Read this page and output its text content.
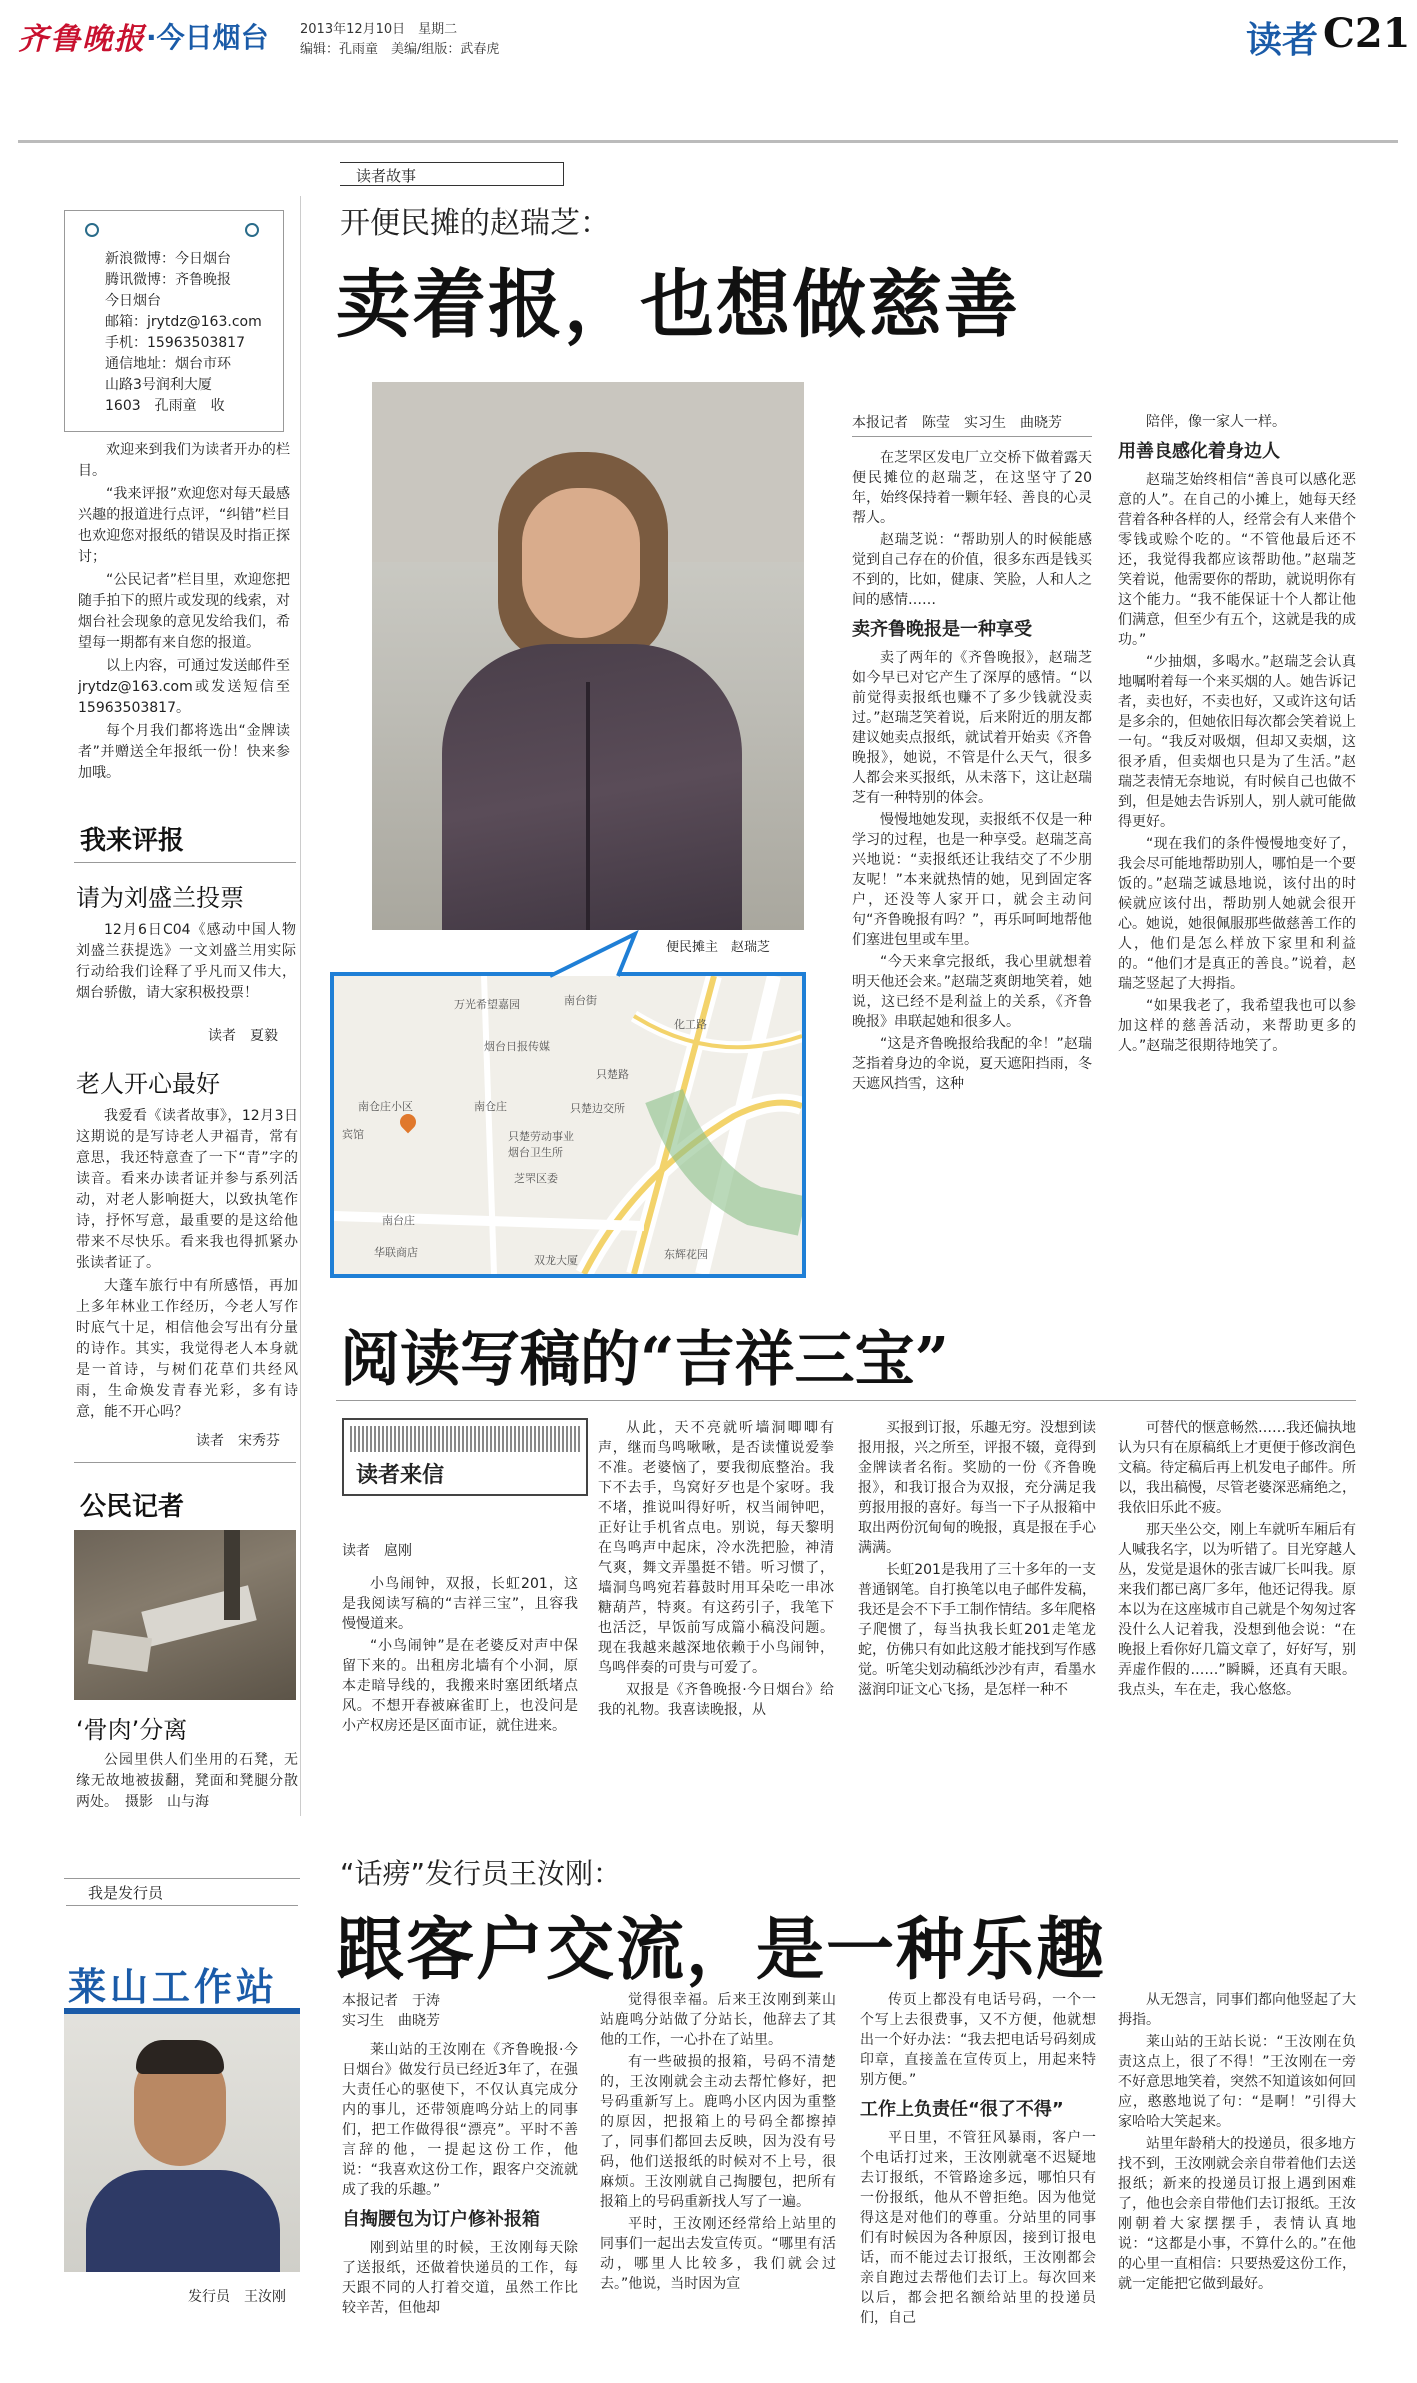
齐鲁晚报 ·今日烟台 2013年12月10日　星期二
编辑：孔雨童　美编/组版：武春虎	读者 C21
新浪微博：今日烟台
腾讯微博：齐鲁晚报
今日烟台
邮箱：jrytdz@163.com
手机：15963503817
通信地址：烟台市环
山路3号润利大厦
1603　孔雨童　收

欢迎来到我们为读者开办的栏目。

“我来评报”欢迎您对每天最感兴趣的报道进行点评，“纠错”栏目也欢迎您对报纸的错误及时指正探讨；

“公民记者”栏目里，欢迎您把随手拍下的照片或发现的线索，对烟台社会现象的意见发给我们，希望每一期都有来自您的报道。

以上内容，可通过发送邮件至jrytdz@163.com或发送短信至15963503817。

每个月我们都将选出“金牌读者”并赠送全年报纸一份！快来参加哦。

我来评报
请为刘盛兰投票

12月6日C04《感动中国人物刘盛兰获提选》一文刘盛兰用实际行动给我们诠释了乎凡而又伟大，烟台骄傲，请大家积极投票！

读者　夏毅
老人开心最好

我爱看《读者故事》，12月3日这期说的是写诗老人尹福青，常有意思，我还特意查了一下“青”字的读音。看来办读者证并参与系列活动，对老人影响挺大，以致执笔作诗，抒怀写意，最重要的是这给他带来不尽快乐。看来我也得抓紧办张读者证了。

大蓬车旅行中有所感悟，再加上多年林业工作经历，今老人写作时底气十足，相信他会写出有分量的诗作。其实，我觉得老人本身就是一首诗，与树们花草们共经风雨，生命焕发青春光彩，多有诗意，能不开心吗？

读者　宋秀芬
公民记者
‘骨肉’分离

公园里供人们坐用的石凳，无缘无故地被拔翻，凳面和凳腿分散两处。　 摄影　山与海

读者故事
开便民摊的赵瑞芝：
卖着报，也想做慈善
便民摊主　赵瑞芝
万光希望嘉园
烟台日报传媒
南台街
南仓庄小区	南仓庄	只楚边交所
只楚路
南台庄
芝罘区委
只楚劳动事业
烟台卫生所
东辉花园
双龙大厦
华联商店
宾馆
化工路
本报记者　陈莹　实习生　曲晓芳

在芝罘区发电厂立交桥下做着露天便民摊位的赵瑞芝，在这坚守了20年，始终保持着一颗年轻、善良的心灵帮人。

赵瑞芝说：“帮助别人的时候能感觉到自己存在的价值，很多东西是钱买不到的，比如，健康、笑脸，人和人之间的感情……

卖齐鲁晚报是一种享受

卖了两年的《齐鲁晚报》，赵瑞芝如今早已对它产生了深厚的感情。“以前觉得卖报纸也赚不了多少钱就没卖过。”赵瑞芝笑着说，后来附近的朋友都建议她卖点报纸，就试着开始卖《齐鲁晚报》，她说，不管是什么天气，很多人都会来买报纸，从未落下，这让赵瑞芝有一种特别的体会。

慢慢地她发现，卖报纸不仅是一种学习的过程，也是一种享受。赵瑞芝高兴地说：“卖报纸还让我结交了不少朋友呢！”本来就热情的她，见到固定客户，还没等人家开口，就会主动问句“齐鲁晚报有吗？”，再乐呵呵地帮他们塞进包里或车里。

“今天来拿完报纸，我心里就想着明天他还会来。”赵瑞芝爽朗地笑着，她说，这已经不是利益上的关系，《齐鲁晚报》串联起她和很多人。

“这是齐鲁晚报给我配的伞！”赵瑞芝指着身边的伞说，夏天遮阳挡雨，冬天遮风挡雪，这种

陪伴，像一家人一样。

用善良感化着身边人

赵瑞芝始终相信“善良可以感化恶意的人”。在自己的小摊上，她每天经营着各种各样的人，经常会有人来借个零钱或赊个吃的。“不管他最后还不还，我觉得我都应该帮助他。”赵瑞芝笑着说，他需要你的帮助，就说明你有这个能力。“我不能保证十个人都让他们满意，但至少有五个，这就是我的成功。”

“少抽烟，多喝水。”赵瑞芝会认真地嘱咐着每一个来买烟的人。她告诉记者，卖也好，不卖也好，又或许这句话是多余的，但她依旧每次都会笑着说上一句。“我反对吸烟，但却又卖烟，这很矛盾，但卖烟也只是为了生活。”赵瑞芝表情无奈地说，有时候自己也做不到，但是她去告诉别人，别人就可能做得更好。

“现在我们的条件慢慢地变好了，我会尽可能地帮助别人，哪怕是一个要饭的。”赵瑞芝诚恳地说，该付出的时候就应该付出，帮助别人她就会很开心。她说，她很佩服那些做慈善工作的人，他们是怎么样放下家里和利益的。“他们才是真正的善良。”说着，赵瑞芝竖起了大拇指。

“如果我老了，我希望我也可以参加这样的慈善活动，来帮助更多的人。”赵瑞芝很期待地笑了。

阅读写稿的“吉祥三宝”
读者来信
读者　扈刚

小鸟闹钟，双报，长虹201，这是我阅读写稿的“吉祥三宝”，且容我慢慢道来。

“小鸟闹钟”是在老婆反对声中保留下来的。出租房北墙有个小洞，原本走暗导线的，我搬来时塞团纸堵点风。不想开春被麻雀盯上，也没问是小产权房还是区面市证，就住进来。

从此，天不亮就听墙洞唧唧有声，继而鸟鸣啾啾，是否读懂说爱拳不准。老婆恼了，要我彻底整治。我下不去手，鸟窝好歹也是个家呀。我不堵，推说叫得好听，权当闹钟吧，正好让手机省点电。别说，每天黎明在鸟鸣声中起床，冷水洗把脸，神清气爽，舞文弄墨挺不错。听习惯了，墙洞鸟鸣宛若暮鼓时用耳朵吃一串冰糖葫芦，特爽。有这药引子，我笔下也活泛，早饭前写成篇小稿没问题。现在我越来越深地依赖于小鸟闹钟，鸟鸣伴奏的可贵与可爱了。

双报是《齐鲁晚报·今日烟台》给我的礼物。我喜读晚报，从

买报到订报，乐趣无穷。没想到读报用报，兴之所至，评报不辍，竟得到金牌读者名衔。奖励的一份《齐鲁晚报》，和我订报合为双报，充分满足我剪报用报的喜好。每当一下子从报箱中取出两份沉甸甸的晚报，真是报在手心满满。

长虹201是我用了三十多年的一支普通钢笔。自打换笔以电子邮件发稿，我还是会不下手工制作情结。多年爬格子爬惯了，每当执我长虹201走笔龙蛇，仿佛只有如此这般才能找到写作感觉。听笔尖划动稿纸沙沙有声，看墨水滋润印证文心飞扬，是怎样一种不

可替代的惬意畅然……我还偏执地认为只有在原稿纸上才更便于修改润色文稿。待定稿后再上机发电子邮件。所以，我出稿慢，尽管老婆深恶痛绝之，我依旧乐此不疲。

那天坐公交，刚上车就听车厢后有人喊我名字，以为听错了。目光穿越人丛，发觉是退休的张吉诚厂长叫我。原来我们都已离厂多年，他还记得我。原本以为在这座城市自己就是个匆匆过客没什么人记着我，没想到他会说：“在晚报上看你好几篇文章了，好好写，别弄虚作假的……”瞬瞬，还真有天眼。我点头，车在走，我心悠悠。

我是发行员
莱山工作站
发行员　王汝刚
“话痨”发行员王汝刚：
跟客户交流，是一种乐趣
本报记者　于涛
实习生　曲晓芳

莱山站的王汝刚在《齐鲁晚报·今日烟台》做发行员已经近3年了，在强大责任心的驱使下，不仅认真完成分内的事儿，还带领鹿鸣分站上的同事们，把工作做得很“漂亮”。平时不善言辞的他，一提起这份工作，他说：“我喜欢这份工作，跟客户交流就成了我的乐趣。”

自掏腰包为订户修补报箱

刚到站里的时候，王汝刚每天除了送报纸，还做着快递员的工作，每天跟不同的人打着交道，虽然工作比较辛苦，但他却

觉得很幸福。后来王汝刚到莱山站鹿鸣分站做了分站长，他辞去了其他的工作，一心扑在了站里。

有一些破损的报箱，号码不清楚的，王汝刚就会主动去帮忙修好，把号码重新写上。鹿鸣小区内因为重整的原因，把报箱上的号码全都擦掉了，同事们都回去反映，因为没有号码，他们送报纸的时候对不上号，很麻烦。王汝刚就自己掏腰包，把所有报箱上的号码重新找人写了一遍。

平时，王汝刚还经常给上站里的同事们一起出去发宣传页。“哪里有活动，哪里人比较多，我们就会过去。”他说，当时因为宣

传页上都没有电话号码，一个一个写上去很费事，又不方便，他就想出一个好办法：“我去把电话号码刻成印章，直接盖在宣传页上，用起来特别方便。”

工作上负责任“很了不得”

平日里，不管狂风暴雨，客户一个电话打过来，王汝刚就毫不迟疑地去订报纸，不管路途多远，哪怕只有一份报纸，他从不曾拒绝。因为他觉得这是对他们的尊重。分站里的同事们有时候因为各种原因，接到订报电话，而不能过去订报纸，王汝刚都会亲自跑过去帮他们去订上。每次回来以后，都会把名额给站里的投递员们，自己

从无怨言，同事们都向他竖起了大拇指。

莱山站的王站长说：“王汝刚在负责这点上，很了不得！”王汝刚在一旁不好意思地笑着，突然不知道该如何回应，憨憨地说了句：“是啊！”引得大家哈哈大笑起来。

站里年龄稍大的投递员，很多地方找不到，王汝刚就会亲自带着他们去送报纸；新来的投递员订报上遇到困难了，他也会亲自带他们去订报纸。王汝刚朝着大家摆摆手，表情认真地说：“这都是小事，不算什么的。”在他的心里一直相信：只要热爱这份工作，就一定能把它做到最好。
